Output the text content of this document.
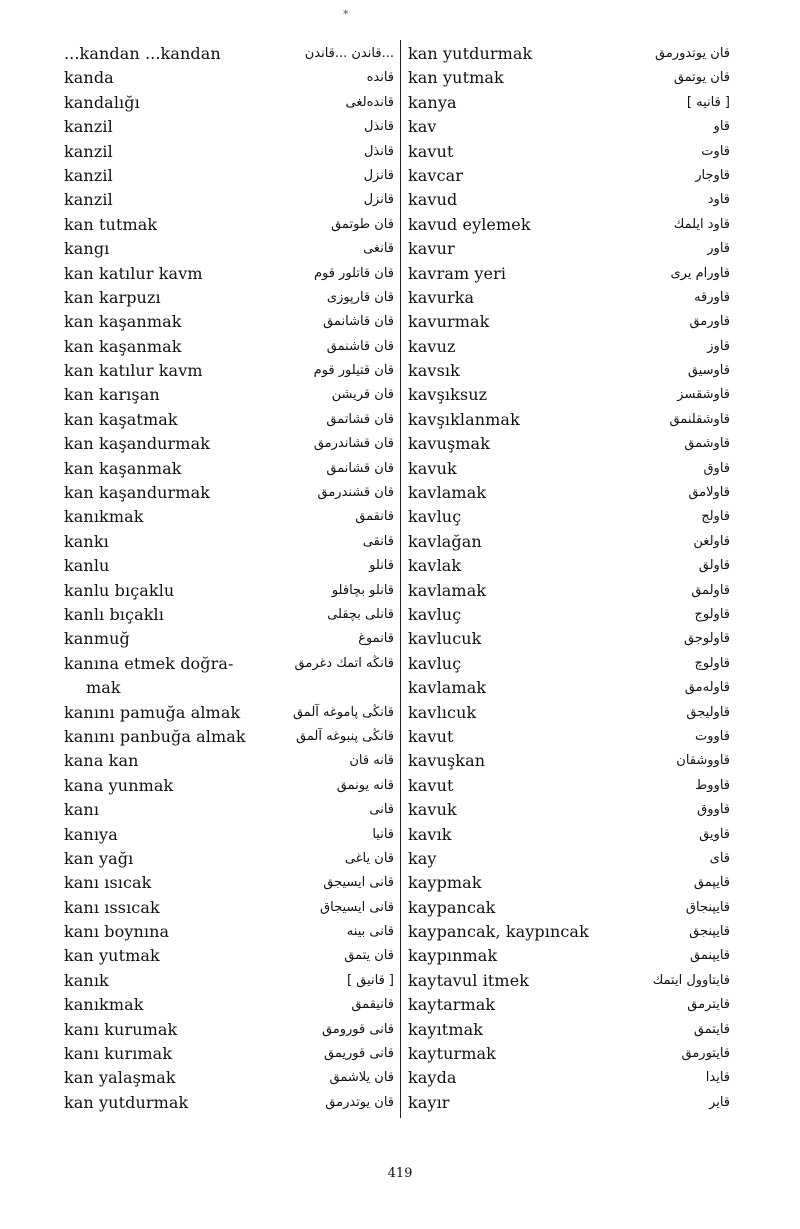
*
...kandan ...kandan	...قاندن ...قاندن
kanda	قانده
kandalığı	قاندەلغى
kanzil	قانذل
kanzil	قانذل
kanzil	قانزل
kanzil	قانزل
kan tutmak	قان طوتمق
kangı	قانغى
kan katılur kavm	قان قاتلور قوم
kan karpuzı	قان قارپوزى
kan kaşanmak	قان قاشانمق
kan kaşanmak	قان قاشنمق
kan katılur kavm	قان قتيلور قوم
kan karışan	قان قريشن
kan kaşatmak	قان قشاتمق
kan kaşandurmak	قان قشاندرمق
kan kaşanmak	قان قشانمق
kan kaşandurmak	قان قشندرمق
kanıkmak	قانقمق
kankı	قانقى
kanlu	قانلو
kanlu bıçaklu	قانلو بچاقلو
kanlı bıçaklı	قانلى بچقلى
kanmuğ	قانموغ
kanına etmek doğra-	قانڭه اتمك دغرمق
mak
kanını pamuğa almak	قانڭى پاموغه آلمق
kanını panbuğa almak	قانڭى پنبوغه آلمق
kana kan	قانه قان
kana yunmak	قانه يونمق
kanı	قانى
kanıya	قانيا
kan yağı	قان ياغى
kanı ısıcak	قانى ايسيجق
kanı ıssıcak	قانى ايسيجاق
kanı boynına	قانى بينه
kan yutmak	قان يتمق
kanık	[ قانيق ]
kanıkmak	قانيقمق
kanı kurumak	قانى قورومق
kanı kurımak	قانى قوريمق
kan yalaşmak	قان يلاشمق
kan yutdurmak	قان يوتدرمق
kan yutdurmak	قان يوتدورمق
kan yutmak	قان يوتمق
kanya	[ قانيه ]
kav	قاو
kavut	قاوت
kavcar	قاوجار
kavud	قاود
kavud eylemek	قاود ايلمك
kavur	قاور
kavram yeri	قاورام يرى
kavurka	قاورقه
kavurmak	قاورمق
kavuz	قاوز
kavsık	قاوسيق
kavşıksuz	قاوشقسز
kavşıklanmak	قاوشقلنمق
kavuşmak	قاوشمق
kavuk	قاوق
kavlamak	قاولامق
kavluç	قاولج
kavlağan	قاولغن
kavlak	قاولق
kavlamak	قاولمق
kavluç	قاولوج
kavlucuk	قاولوجق
kavluç	قاولوچ
kavlamak	قاولەمق
kavlıcuk	قاوليجق
kavut	قاووت
kavuşkan	قاووشقان
kavut	قاووط
kavuk	قاووق
kavık	قاويق
kay	قاى
kaypmak	قايپمق
kaypancak	قايپنجاق
kaypancak, kaypıncak	قايپنجق
kaypınmak	قايپنمق
kaytavul itmek	قايتاوول ايتمك
kaytarmak	قايترمق
kayıtmak	قايتمق
kayturmak	قايتورمق
kayda	قايدا
kayır	قاير
419
